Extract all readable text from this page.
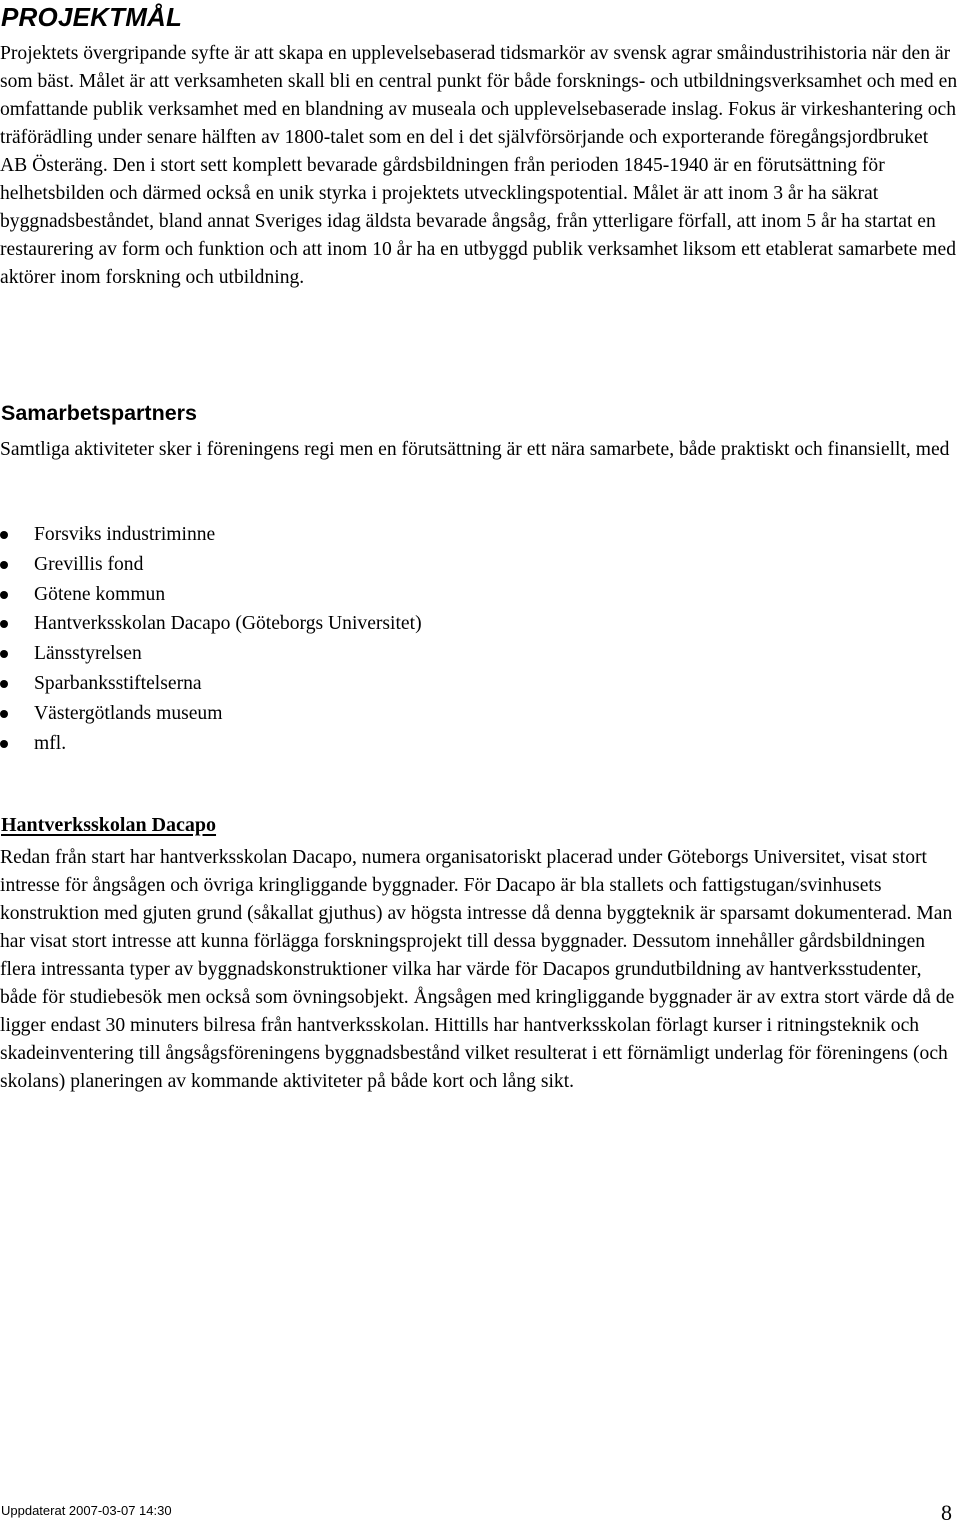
PROJEKTMÅL

Projektets övergripande syfte är att skapa en upplevelsebaserad tidsmarkör av svensk agrar småindustrihistoria när den är som bäst. Målet är att verksamheten skall bli en central punkt för både forsknings- och utbildningsverksamhet och med en omfattande publik verksamhet med en blandning av museala och upplevelsebaserade inslag. Fokus är virkeshantering och träförädling under senare hälften av 1800-talet som en del i det självförsörjande och exporterande föregångsjordbruket AB Österäng. Den i stort sett komplett bevarade gårdsbildningen från perioden 1845-1940 är en förutsättning för helhetsbilden och därmed också en unik styrka i projektets utvecklingspotential. Målet är att inom 3 år ha säkrat byggnadsbeståndet, bland annat Sveriges idag äldsta bevarade ångsåg, från ytterligare förfall, att inom 5 år ha startat en restaurering av form och funktion och att inom 10 år ha en utbyggd publik verksamhet liksom ett etablerat samarbete med aktörer inom forskning och utbildning.

Samarbetspartners

Samtliga aktiviteter sker i föreningens regi men en förutsättning är ett nära samarbete, både praktiskt och finansiellt, med

Forsviks industriminne
Grevillis fond
Götene kommun
Hantverksskolan Dacapo (Göteborgs Universitet)
Länsstyrelsen
Sparbanksstiftelserna
Västergötlands museum
mfl.
Hantverksskolan Dacapo

Redan från start har hantverksskolan Dacapo, numera organisatoriskt placerad under Göteborgs Universitet, visat stort intresse för ångsågen och övriga kringliggande byggnader. För Dacapo är bla stallets och fattigstugan/svinhusets konstruktion med gjuten grund (såkallat gjuthus) av högsta intresse då denna byggteknik är sparsamt dokumenterad. Man har visat stort intresse att kunna förlägga forskningsprojekt till dessa byggnader. Dessutom innehåller gårdsbildningen flera intressanta typer av byggnadskonstruktioner vilka har värde för Dacapos grundutbildning av hantverksstudenter, både för studiebesök men också som övningsobjekt. Ångsågen med kringliggande byggnader är av extra stort värde då de ligger endast 30 minuters bilresa från hantverksskolan. Hittills har hantverksskolan förlagt kurser i ritningsteknik och skadeinventering till ångsågsföreningens byggnadsbestånd vilket resulterat i ett förnämligt underlag för föreningens (och skolans) planeringen av kommande aktiviteter på både kort och lång sikt.

Uppdaterat 2007-03-07 14:30	8
